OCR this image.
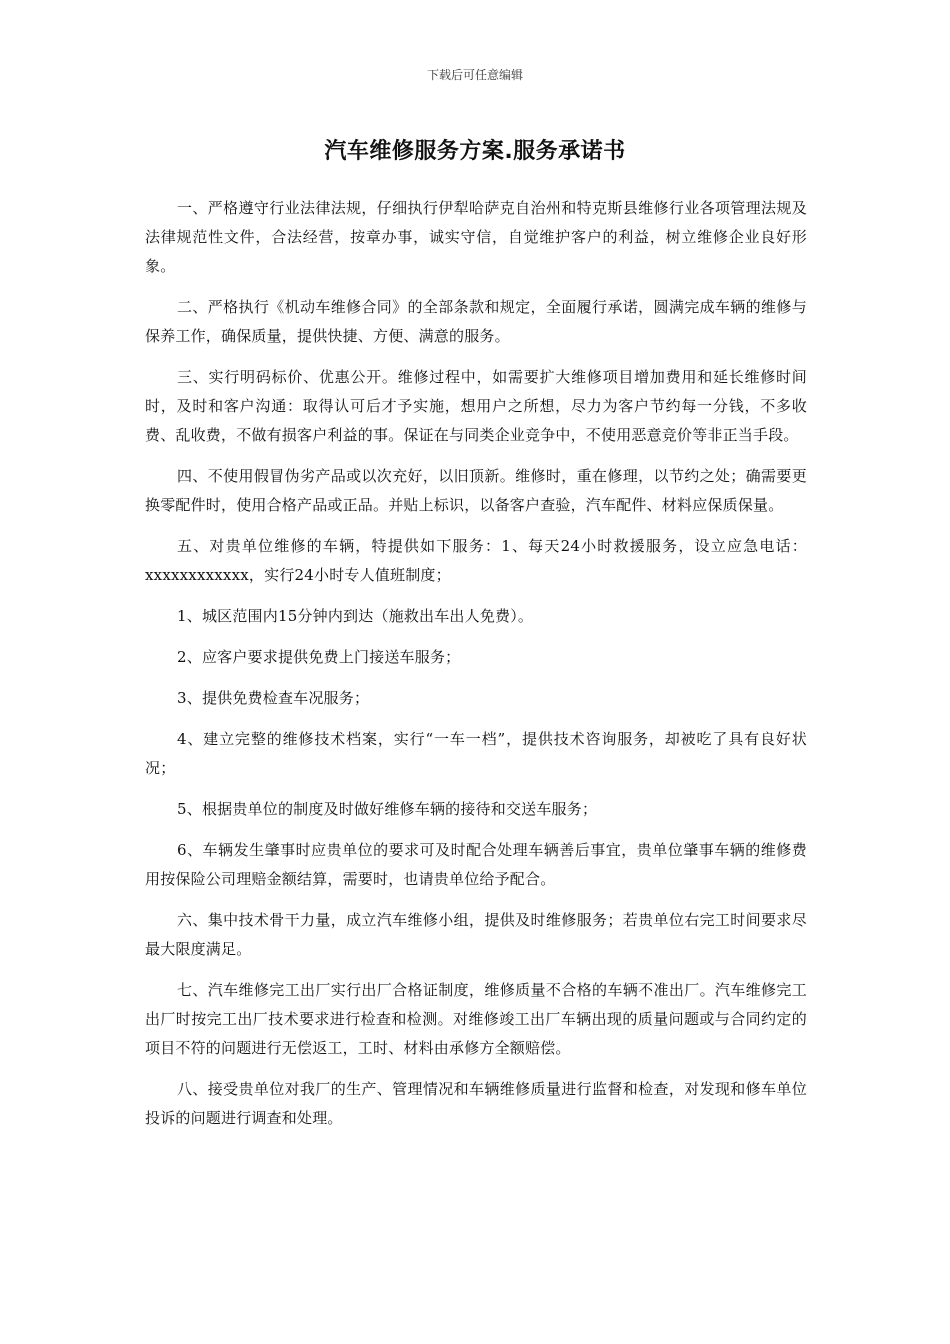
下载后可任意编辑
汽车维修服务方案.服务承诺书

一、严格遵守行业法律法规，仔细执行伊犁哈萨克自治州和特克斯县维修行业各项管理法规及法律规范性文件，合法经营，按章办事，诚实守信，自觉维护客户的利益，树立维修企业良好形象。

二、严格执行《机动车维修合同》的全部条款和规定，全面履行承诺，圆满完成车辆的维修与保养工作，确保质量，提供快捷、方便、满意的服务。

三、实行明码标价、优惠公开。维修过程中，如需要扩大维修项目增加费用和延长维修时间时，及时和客户沟通：取得认可后才予实施，想用户之所想，尽力为客户节约每一分钱，不多收费、乱收费，不做有损客户利益的事。保证在与同类企业竞争中，不使用恶意竞价等非正当手段。

四、不使用假冒伪劣产品或以次充好，以旧顶新。维修时，重在修理，以节约之处；确需要更换零配件时，使用合格产品或正品。并贴上标识，以备客户查验，汽车配件、材料应保质保量。

五、对贵单位维修的车辆，特提供如下服务：1、每天24小时救援服务，设立应急电话：xxxxxxxxxxxx，实行24小时专人值班制度；

1、城区范围内15分钟内到达（施救出车出人免费）。

2、应客户要求提供免费上门接送车服务；

3、提供免费检查车况服务；

4、建立完整的维修技术档案，实行“一车一档”，提供技术咨询服务，却被吃了具有良好状况；

5、根据贵单位的制度及时做好维修车辆的接待和交送车服务；

6、车辆发生肇事时应贵单位的要求可及时配合处理车辆善后事宜，贵单位肇事车辆的维修费用按保险公司理赔金额结算，需要时，也请贵单位给予配合。

六、集中技术骨干力量，成立汽车维修小组，提供及时维修服务；若贵单位右完工时间要求尽最大限度满足。

七、汽车维修完工出厂实行出厂合格证制度，维修质量不合格的车辆不准出厂。汽车维修完工出厂时按完工出厂技术要求进行检查和检测。对维修竣工出厂车辆出现的质量问题或与合同约定的项目不符的问题进行无偿返工，工时、材料由承修方全额赔偿。

八、接受贵单位对我厂的生产、管理情况和车辆维修质量进行监督和检查，对发现和修车单位投诉的问题进行调查和处理。
